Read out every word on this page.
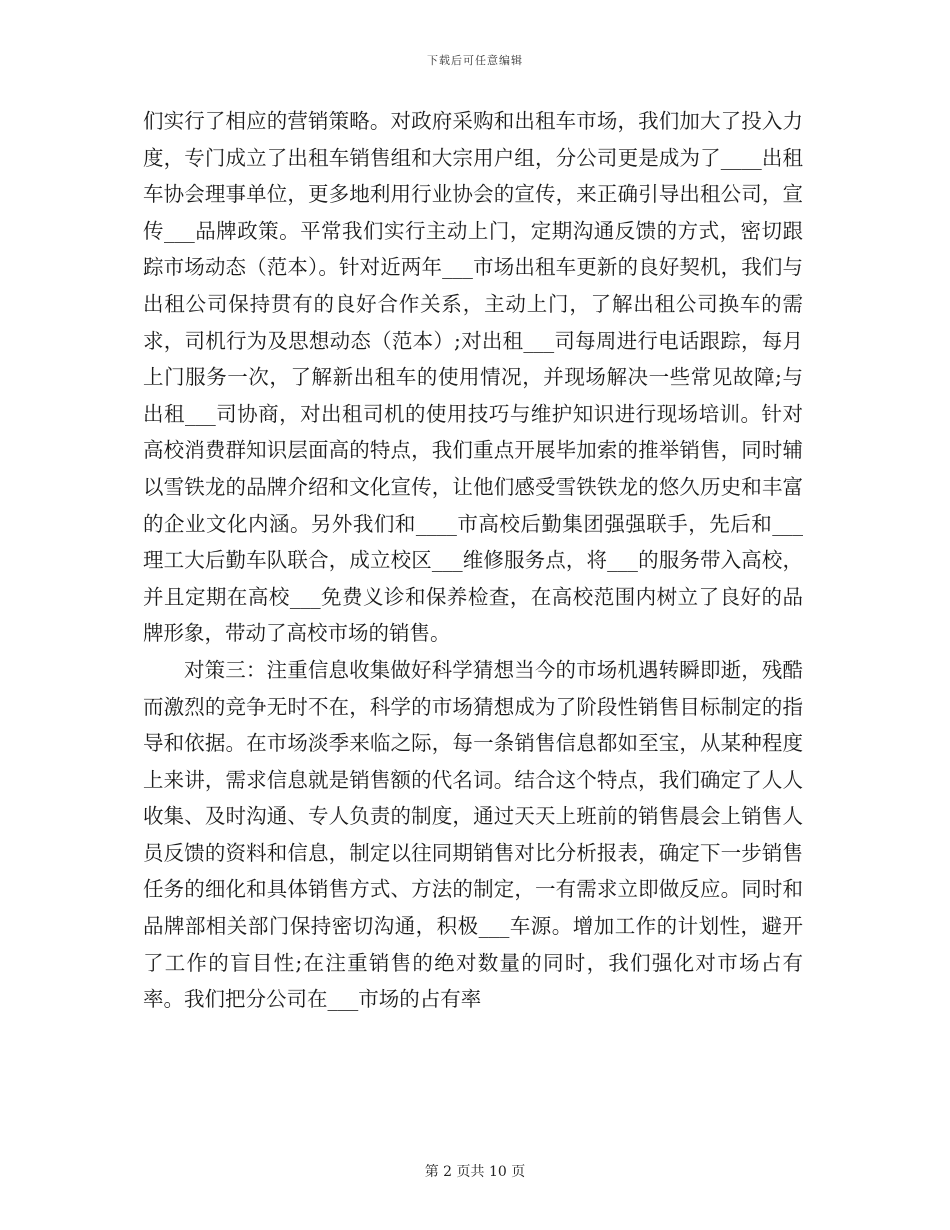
下载后可任意编辑

们实行了相应的营销策略。对政府采购和出租车市场，我们加大了投入力度，专门成立了出租车销售组和大宗用户组，分公司更是成为了____出租车协会理事单位，更多地利用行业协会的宣传，来正确引导出租公司，宣传___品牌政策。平常我们实行主动上门，定期沟通反馈的方式，密切跟踪市场动态（范本）。针对近两年___市场出租车更新的良好契机，我们与出租公司保持贯有的良好合作关系，主动上门，了解出租公司换车的需求，司机行为及思想动态（范本）;对出租___司每周进行电话跟踪，每月上门服务一次，了解新出租车的使用情况，并现场解决一些常见故障;与出租___司协商，对出租司机的使用技巧与维护知识进行现场培训。针对高校消费群知识层面高的特点，我们重点开展毕加索的推举销售，同时辅以雪铁龙的品牌介绍和文化宣传，让他们感受雪铁铁龙的悠久历史和丰富的企业文化内涵。另外我们和____市高校后勤集团强强联手，先后和___理工大后勤车队联合，成立校区___维修服务点，将___的服务带入高校，并且定期在高校___免费义诊和保养检查，在高校范围内树立了良好的品牌形象，带动了高校市场的销售。

对策三：注重信息收集做好科学猜想当今的市场机遇转瞬即逝，残酷而激烈的竞争无时不在，科学的市场猜想成为了阶段性销售目标制定的指导和依据。在市场淡季来临之际，每一条销售信息都如至宝，从某种程度上来讲，需求信息就是销售额的代名词。结合这个特点，我们确定了人人收集、及时沟通、专人负责的制度，通过天天上班前的销售晨会上销售人员反馈的资料和信息，制定以往同期销售对比分析报表，确定下一步销售任务的细化和具体销售方式、方法的制定，一有需求立即做反应。同时和品牌部相关部门保持密切沟通，积极___车源。增加工作的计划性，避开了工作的盲目性;在注重销售的绝对数量的同时，我们强化对市场占有率。我们把分公司在___市场的占有率

第 2 页共 10 页
